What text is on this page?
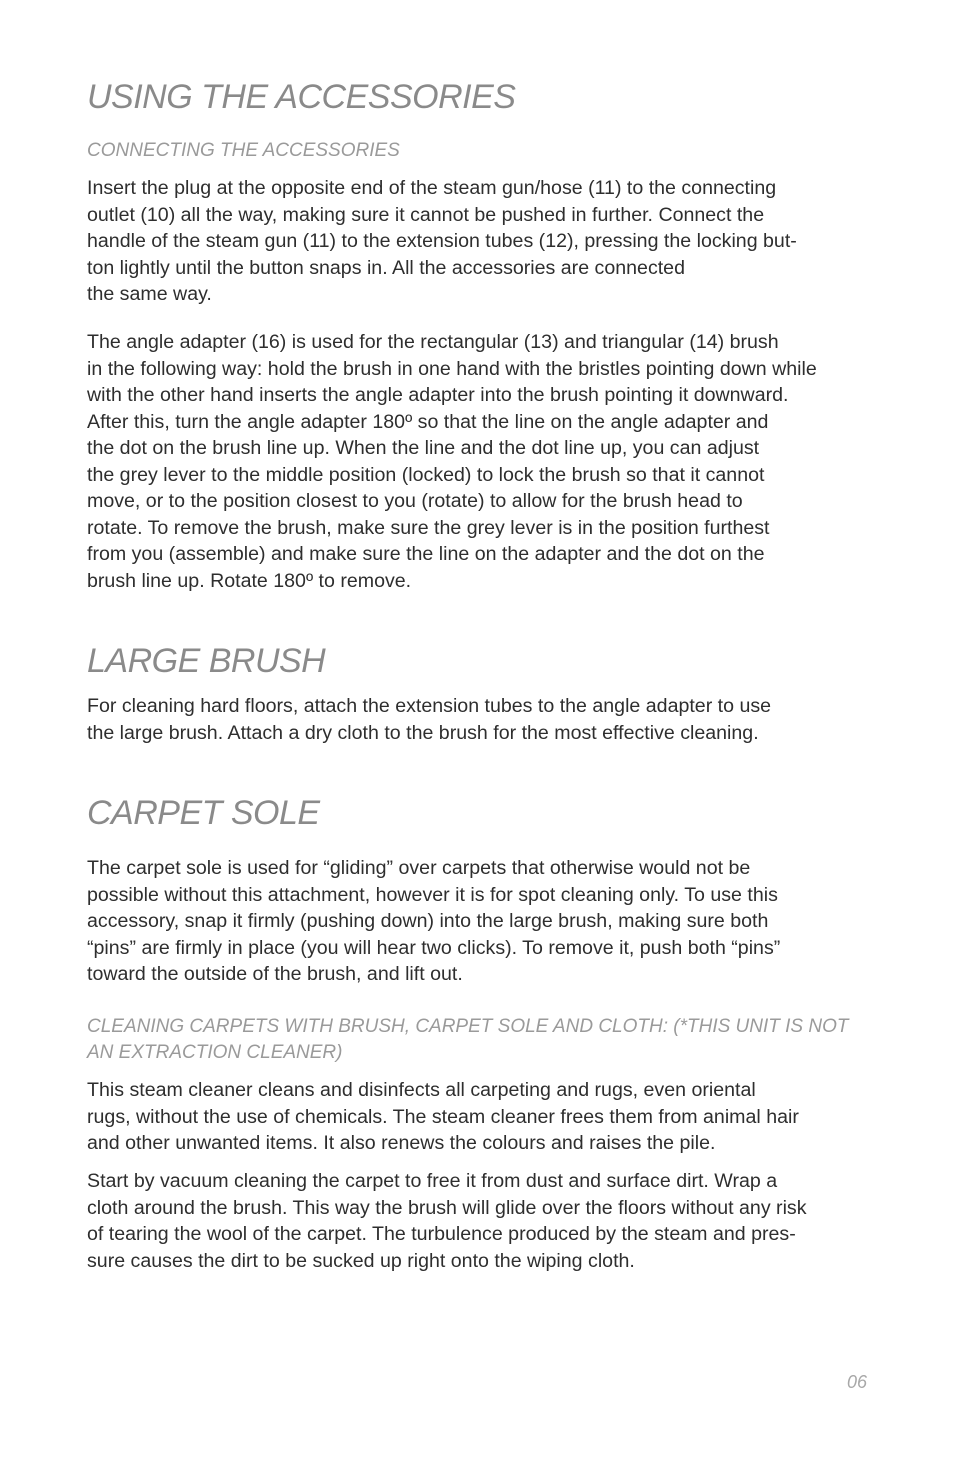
USING THE ACCESSORIES
CONNECTING THE ACCESSORIES
Insert the plug at the opposite end of the steam gun/hose (11) to the connecting
outlet (10) all the way, making sure it cannot be pushed in further. Connect the
handle of the steam gun (11) to the extension tubes (12), pressing the locking but-
ton lightly until the button snaps in. All the accessories are connected
the same way.
The angle adapter (16) is used for the rectangular (13) and triangular (14) brush
in the following way: hold the brush in one hand with the bristles pointing down while
with the other hand inserts the angle adapter into the brush pointing it downward.
After this, turn the angle adapter 180º so that the line on the angle adapter and
the dot on the brush line up. When the line and the dot line up, you can adjust
the grey lever to the middle position (locked) to lock the brush so that it cannot
move, or to the position closest to you (rotate) to allow for the brush head to
rotate. To remove the brush, make sure the grey lever is in the position furthest
from you (assemble) and make sure the line on the adapter and the dot on the
brush line up. Rotate 180º to remove.
LARGE BRUSH
For cleaning hard floors, attach the extension tubes to the angle adapter to use
the large brush. Attach a dry cloth to the brush for the most effective cleaning.
CARPET SOLE
The carpet sole is used for “gliding” over carpets that otherwise would not be
possible without this attachment, however it is for spot cleaning only. To use this
accessory, snap it firmly (pushing down) into the large brush, making sure both
“pins” are firmly in place (you will hear two clicks). To remove it, push both “pins”
toward the outside of the brush, and lift out.
CLEANING CARPETS WITH BRUSH, CARPET SOLE AND CLOTH: (*THIS UNIT IS NOT
AN EXTRACTION CLEANER)
This steam cleaner cleans and disinfects all carpeting and rugs, even oriental
rugs, without the use of chemicals. The steam cleaner frees them from animal hair
and other unwanted items. It also renews the colours and raises the pile.
Start by vacuum cleaning the carpet to free it from dust and surface dirt. Wrap a
cloth around the brush. This way the brush will glide over the floors without any risk
of tearing the wool of the carpet. The turbulence produced by the steam and pres-
sure causes the dirt to be sucked up right onto the wiping cloth.
06
